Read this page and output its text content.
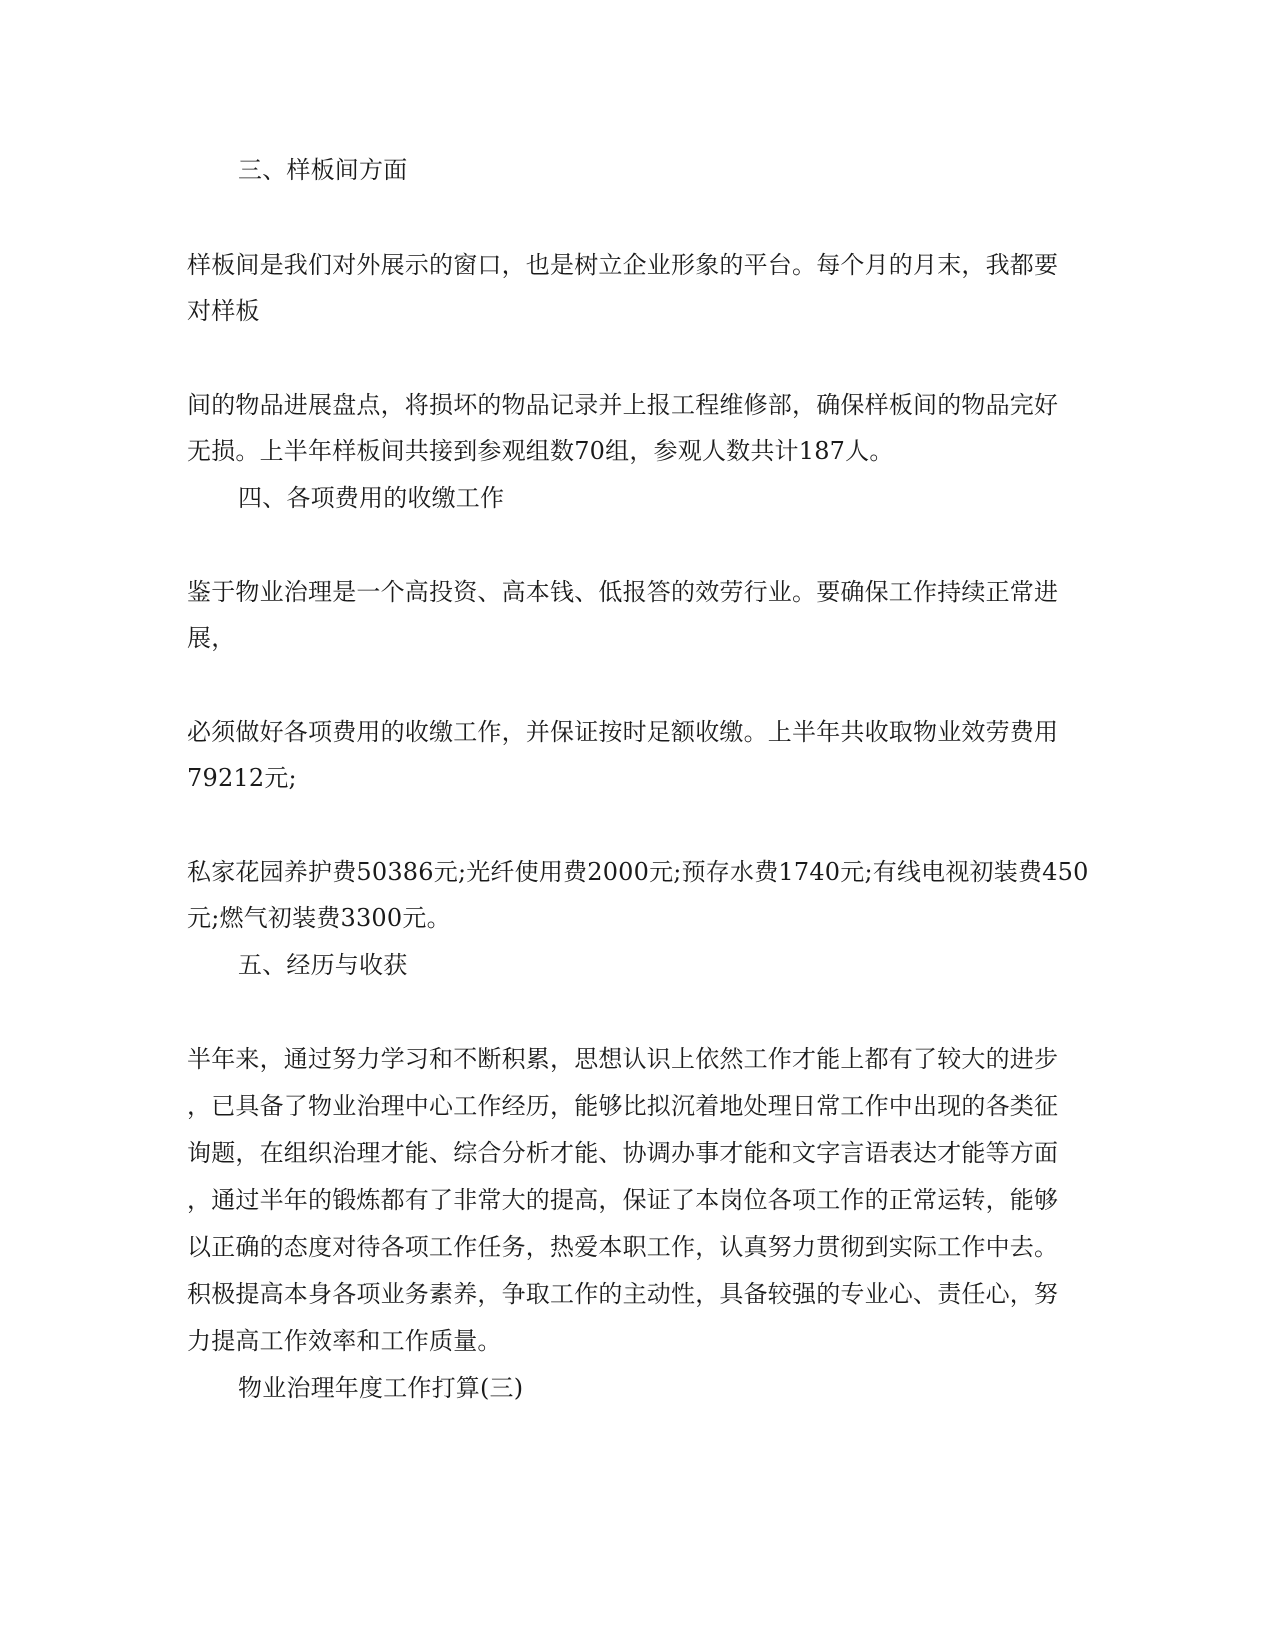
三、样板间方面
样板间是我们对外展示的窗口，也是树立企业形象的平台。每个月的月末，我都要
对样板
间的物品进展盘点，将损坏的物品记录并上报工程维修部，确保样板间的物品完好
无损。上半年样板间共接到参观组数70组，参观人数共计187人。
四、各项费用的收缴工作
鉴于物业治理是一个高投资、高本钱、低报答的效劳行业。要确保工作持续正常进
展，
必须做好各项费用的收缴工作，并保证按时足额收缴。上半年共收取物业效劳费用
79212元;
私家花园养护费50386元;光纤使用费2000元;预存水费1740元;有线电视初装费450
元;燃气初装费3300元。
五、经历与收获
半年来，通过努力学习和不断积累，思想认识上依然工作才能上都有了较大的进步
，已具备了物业治理中心工作经历，能够比拟沉着地处理日常工作中出现的各类征
询题，在组织治理才能、综合分析才能、协调办事才能和文字言语表达才能等方面
，通过半年的锻炼都有了非常大的提高，保证了本岗位各项工作的正常运转，能够
以正确的态度对待各项工作任务，热爱本职工作，认真努力贯彻到实际工作中去。
积极提高本身各项业务素养，争取工作的主动性，具备较强的专业心、责任心，努
力提高工作效率和工作质量。
物业治理年度工作打算(三)
